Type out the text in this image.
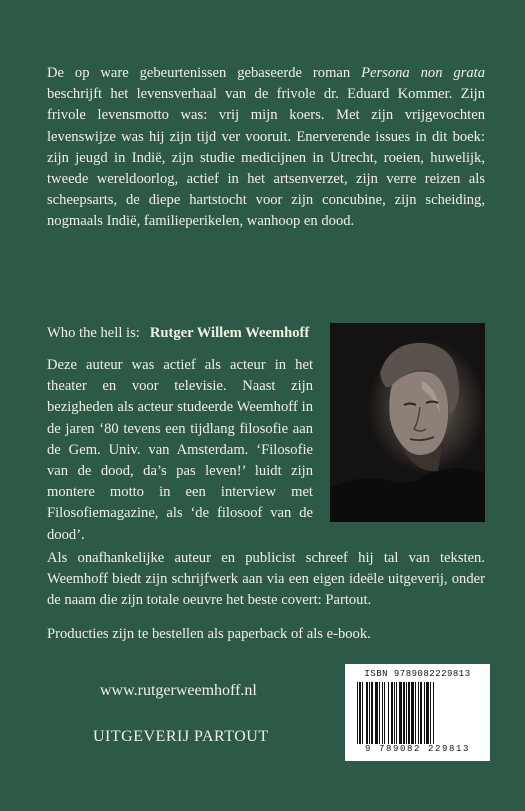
De op ware gebeurtenissen gebaseerde roman Persona non grata beschrijft het levensverhaal van de frivole dr. Eduard Kommer. Zijn frivole levensmotto was: vrij mijn koers. Met zijn vrijgevochten levenswijze was hij zijn tijd ver vooruit. Enerverende issues in dit boek: zijn jeugd in Indië, zijn studie medicijnen in Utrecht, roeien, huwelijk, tweede wereldoorlog, actief in het artsenverzet, zijn verre reizen als scheepsarts, de diepe hartstocht voor zijn concubine, zijn scheiding, nogmaals Indië, familieperikelen, wanhoop en dood.

Who the hell is: Rutger Willem Weemhoff

Deze auteur was actief als acteur in het theater en voor televisie. Naast zijn bezigheden als acteur studeerde Weemhoff in de jaren ‘80 tevens een tijdlang filosofie aan de Gem. Univ. van Amsterdam. ‘Filosofie van de dood, da’s pas leven!’ luidt zijn montere motto in een interview met Filosofiemagazine, als ‘de filosoof van de dood’.

Als onafhankelijke auteur en publicist schreef hij tal van teksten. Weemhoff biedt zijn schrijfwerk aan via een eigen ideële uitgeverij, onder de naam die zijn totale oeuvre het beste covert: Partout.

Producties zijn te bestellen als paperback of als e-book.

www.rutgerweemhoff.nl

UITGEVERIJ PARTOUT

ISBN 9789082229813
9 789082 229813
